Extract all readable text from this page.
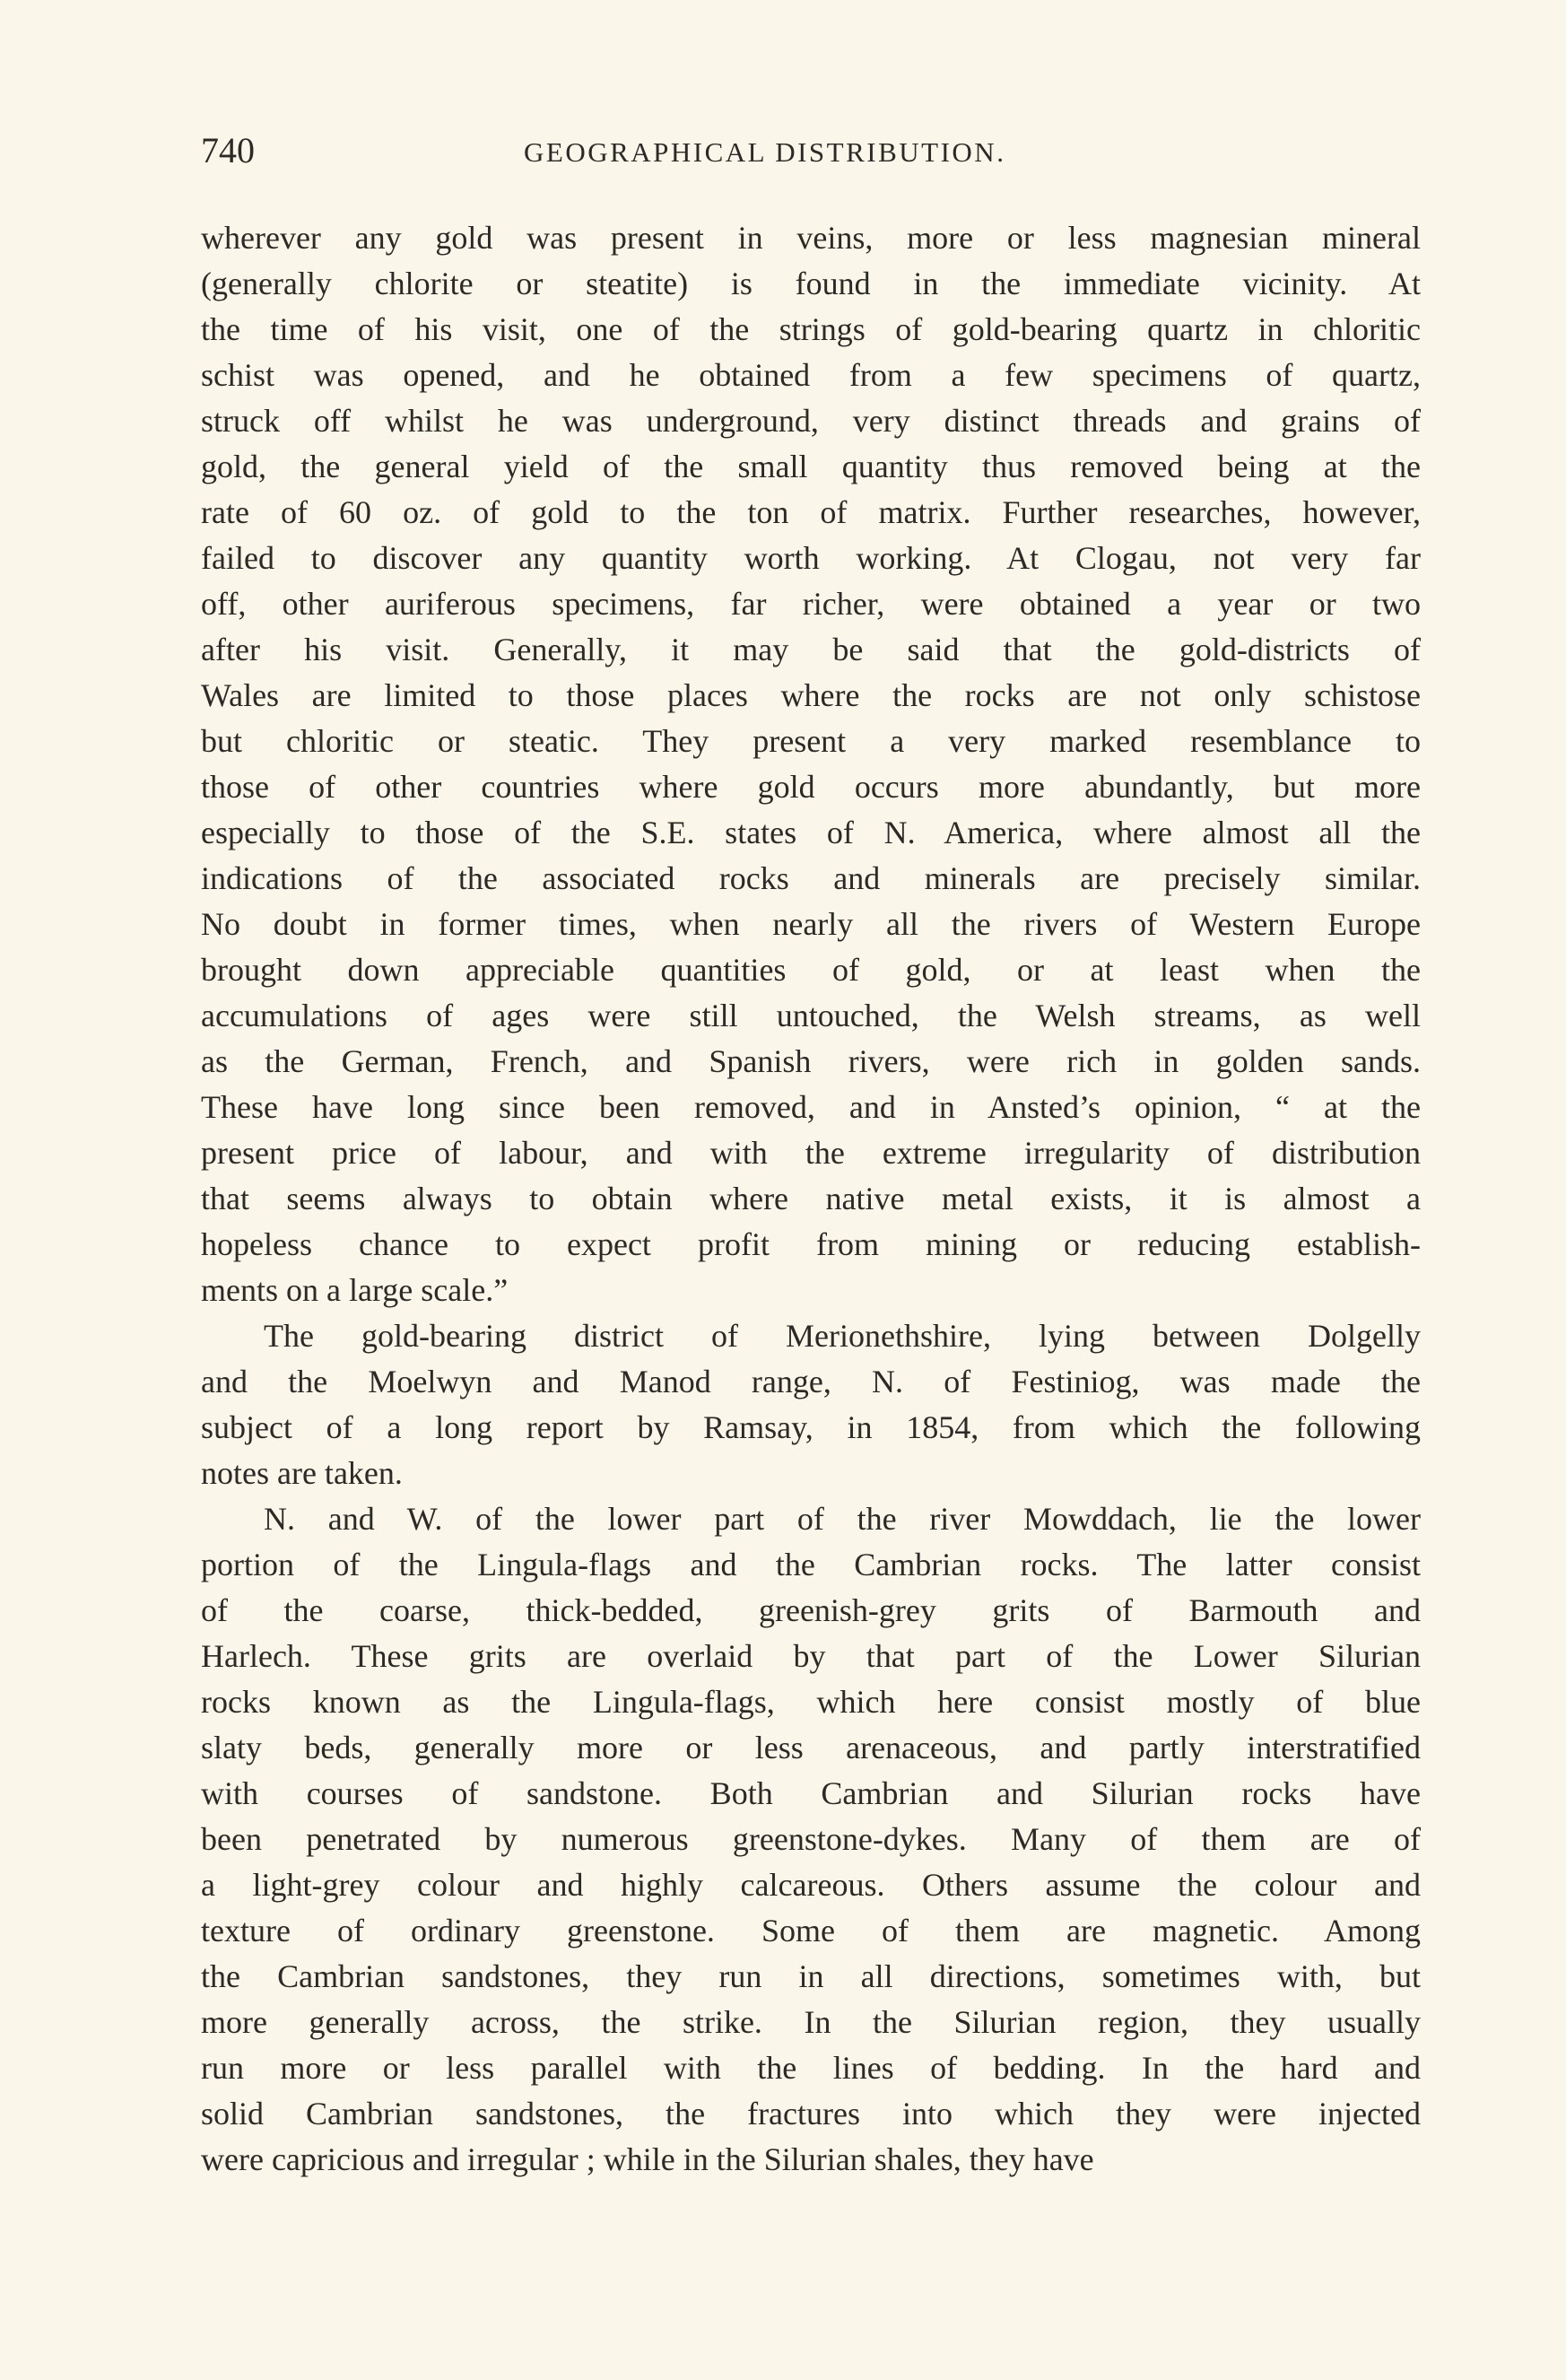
740	GEOGRAPHICAL DISTRIBUTION.

wherever any gold was present in veins, more or less magnesian mineral
(generally chlorite or steatite) is found in the immediate vicinity. At
the time of his visit, one of the strings of gold-bearing quartz in chloritic
schist was opened, and he obtained from a few specimens of quartz,
struck off whilst he was underground, very distinct threads and grains of
gold, the general yield of the small quantity thus removed being at the
rate of 60 oz. of gold to the ton of matrix. Further researches, however,
failed to discover any quantity worth working. At Clogau, not very far
off, other auriferous specimens, far richer, were obtained a year or two
after his visit. Generally, it may be said that the gold-districts of
Wales are limited to those places where the rocks are not only schistose
but chloritic or steatic. They present a very marked resemblance to
those of other countries where gold occurs more abundantly, but more
especially to those of the S.E. states of N. America, where almost all the
indications of the associated rocks and minerals are precisely similar.
No doubt in former times, when nearly all the rivers of Western Europe
brought down appreciable quantities of gold, or at least when the
accumulations of ages were still untouched, the Welsh streams, as well
as the German, French, and Spanish rivers, were rich in golden sands.
These have long since been removed, and in Ansted’s opinion, “ at the
present price of labour, and with the extreme irregularity of distribution
that seems always to obtain where native metal exists, it is almost a
hopeless chance to expect profit from mining or reducing establish-
ments on a large scale.”

The gold-bearing district of Merionethshire, lying between Dolgelly
and the Moelwyn and Manod range, N. of Festiniog, was made the
subject of a long report by Ramsay, in 1854, from which the following
notes are taken.

N. and W. of the lower part of the river Mowddach, lie the lower
portion of the Lingula-flags and the Cambrian rocks. The latter consist
of the coarse, thick-bedded, greenish-grey grits of Barmouth and
Harlech. These grits are overlaid by that part of the Lower Silurian
rocks known as the Lingula-flags, which here consist mostly of blue
slaty beds, generally more or less arenaceous, and partly interstratified
with courses of sandstone. Both Cambrian and Silurian rocks have
been penetrated by numerous greenstone-dykes. Many of them are of
a light-grey colour and highly calcareous. Others assume the colour and
texture of ordinary greenstone. Some of them are magnetic. Among
the Cambrian sandstones, they run in all directions, sometimes with, but
more generally across, the strike. In the Silurian region, they usually
run more or less parallel with the lines of bedding. In the hard and
solid Cambrian sandstones, the fractures into which they were injected
were capricious and irregular ; while in the Silurian shales, they have
